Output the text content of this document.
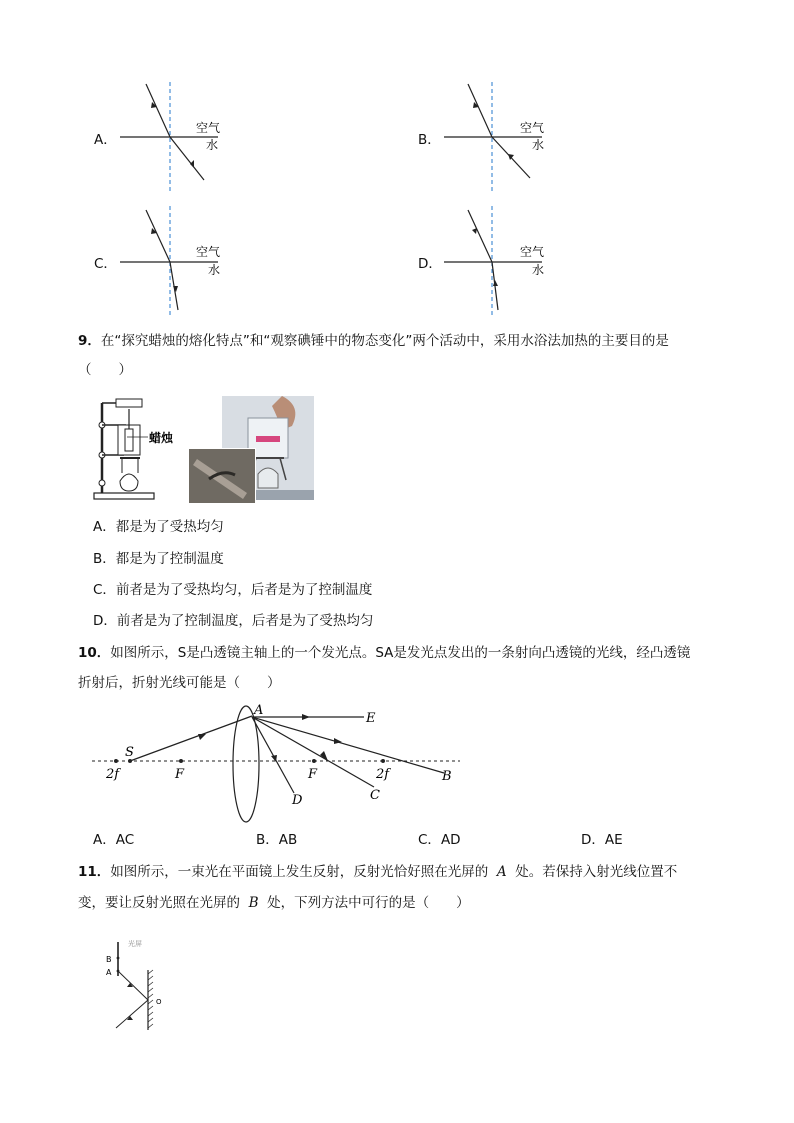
A．
空气
水	B．
空气
水
C．
空气
水	D．
空气
水
9．在“探究蜡烛的熔化特点”和“观察碘锤中的物态变化”两个活动中，采用水浴法加热的主要目的是
（　　）
蜡烛
A．都是为了受热均匀
B．都是为了控制温度
C．前者是为了受热均匀，后者是为了控制温度
D．前者是为了控制温度，后者是为了受热均匀
10．如图所示，S是凸透镜主轴上的一个发光点。SA是发光点发出的一条射向凸透镜的光线，经凸透镜
折射后，折射光线可能是（　　）
A
E
S
2f	F	F	2f	B
C
D
A．AC	B．AB	C．AD	D．AE
11．如图所示，一束光在平面镜上发生反射，反射光恰好照在光屏的 A 处。若保持入射光线位置不
变，要让反射光照在光屏的 B 处，下列方法中可行的是（　　）
光屏
B
A
O
